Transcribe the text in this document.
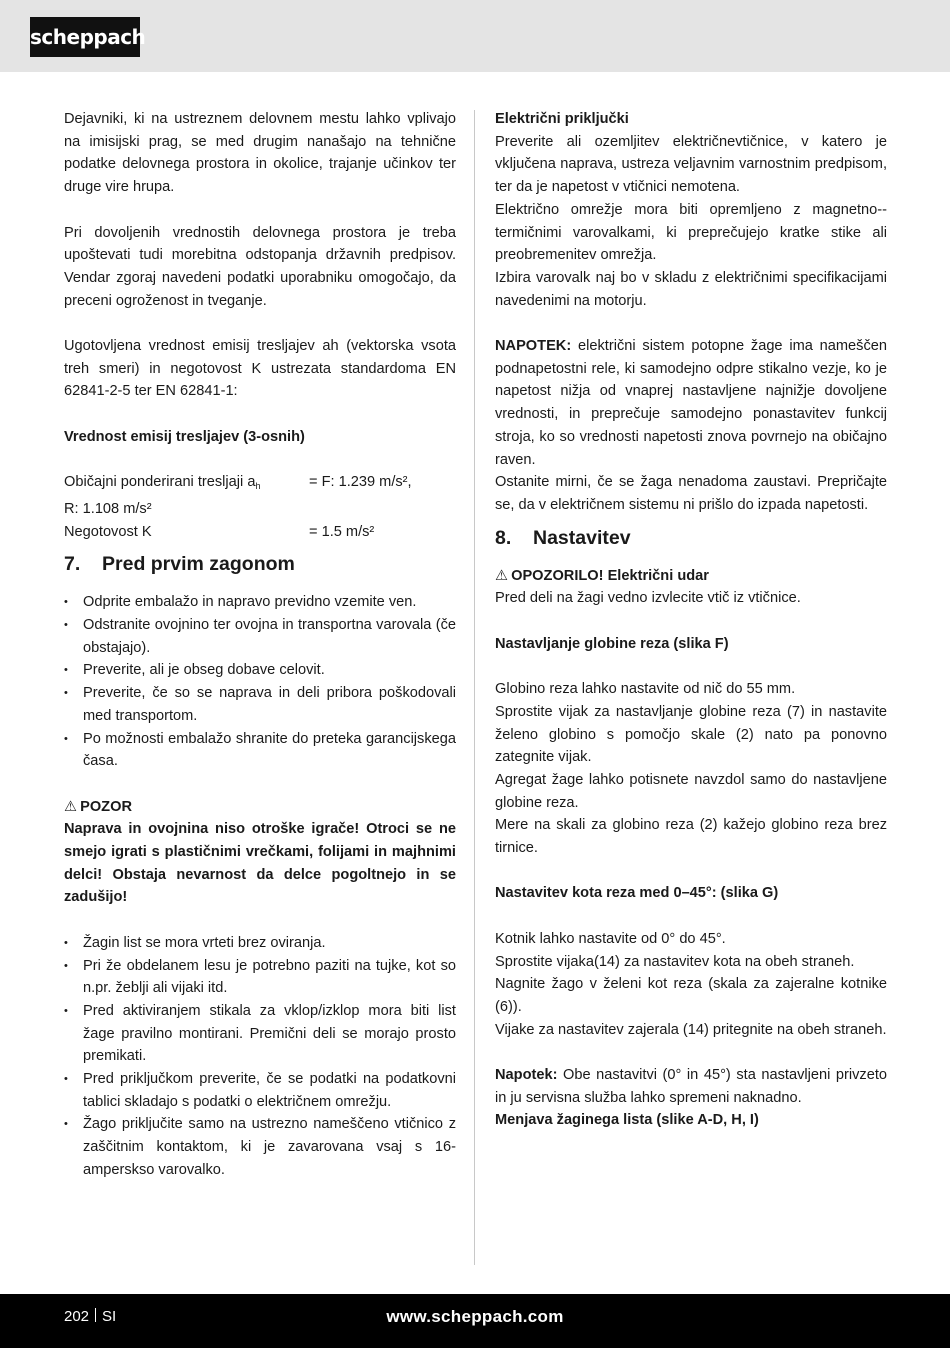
scheppach

Dejavniki, ki na ustreznem delovnem mestu lahko vplivajo na imisijski prag, se med drugim nanašajo na tehnične podatke delovnega prostora in okolice, trajanje učinkov ter druge vire hrupa.

Pri dovoljenih vrednostih delovnega prostora je treba upoštevati tudi morebitna odstopanja državnih predpisov. Vendar zgoraj navedeni podatki uporabniku omogočajo, da preceni ogroženost in tveganje.

Ugotovljena vrednost emisij tresljajev ah (vektorska vsota treh smeri) in negotovost K ustrezata standardoma EN 62841-2-5 ter EN 62841-1:

Vrednost emisij tresljajev (3-osnih)

Običajni ponderirani tresljaji $a_h$	= F: 1.239 m/s²,
R: 1.108 m/s²
Negotovost K	= 1.5 m/s²
7. Pred prvim zagonom
• Odprite embalažo in napravo previdno vzemite ven.
• Odstranite ovojnino ter ovojna in transportna varovala (če obstajajo).
• Preverite, ali je obseg dobave celovit.
• Preverite, če so se naprava in deli pribora poškodovali med transportom.
• Po možnosti embalažo shranite do preteka garancijskega časa.

⚠ POZOR

Naprava in ovojnina niso otroške igrače! Otroci se ne smejo igrati s plastičnimi vrečkami, folijami in majhnimi delci! Obstaja nevarnost da delce pogoltnejo in se zadušijo!

• Žagin list se mora vrteti brez oviranja.
• Pri že obdelanem lesu je potrebno paziti na tujke, kot so n.pr. žeblji ali vijaki itd.
• Pred aktiviranjem stikala za vklop/izklop mora biti list žage pravilno montirani. Premični deli se morajo prosto premikati.
• Pred priključkom preverite, če se podatki na podatkovni tablici skladajo s podatki o električnem omrežju.
• Žago priključite samo na ustrezno nameščeno vtičnico z zaščitnim kontaktom, ki je zavarovana vsaj s 16-amperskso varovalko.

Električni priključki

Preverite ali ozemljitev električnevtičnice, v katero je vključena naprava, ustreza veljavnim varnostnim predpisom, ter da je napetost v vtičnici nemotena.

Električno omrežje mora biti opremljeno z magnetno--termičnimi varovalkami, ki preprečujejo kratke stike ali preobremenitev omrežja.

Izbira varovalk naj bo v skladu z električnimi specifikacijami navedenimi na motorju.

NAPOTEK: električni sistem potopne žage ima nameščen podnapetostni rele, ki samodejno odpre stikalno vezje, ko je napetost nižja od vnaprej nastavljene najnižje dovoljene vrednosti, in preprečuje samodejno ponastavitev funkcij stroja, ko so vrednosti napetosti znova povrnejo na običajno raven.

Ostanite mirni, če se žaga nenadoma zaustavi. Prepričajte se, da v električnem sistemu ni prišlo do izpada napetosti.

8. Nastavitev

⚠ OPOZORILO! Električni udar

Pred deli na žagi vedno izvlecite vtič iz vtičnice.

Nastavljanje globine reza (slika F)

Globino reza lahko nastavite od nič do 55 mm.

Sprostite vijak za nastavljanje globine reza (7) in nastavite želeno globino s pomočjo skale (2) nato pa ponovno zategnite vijak.

Agregat žage lahko potisnete navzdol samo do nastavljene globine reza.

Mere na skali za globino reza (2) kažejo globino reza brez tirnice.

Nastavitev kota reza med 0–45°: (slika G)

Kotnik lahko nastavite od 0° do 45°.

Sprostite vijaka(14) za nastavitev kota na obeh straneh.

Nagnite žago v želeni kot reza (skala za zajeralne kotnike (6)).

Vijake za nastavitev zajerala (14) pritegnite na obeh straneh.

Napotek: Obe nastavitvi (0° in 45°) sta nastavljeni privzeto in ju servisna služba lahko spremeni naknadno.

Menjava žaginega lista (slike A-D, H, I)

202 SI	www.scheppach.com
